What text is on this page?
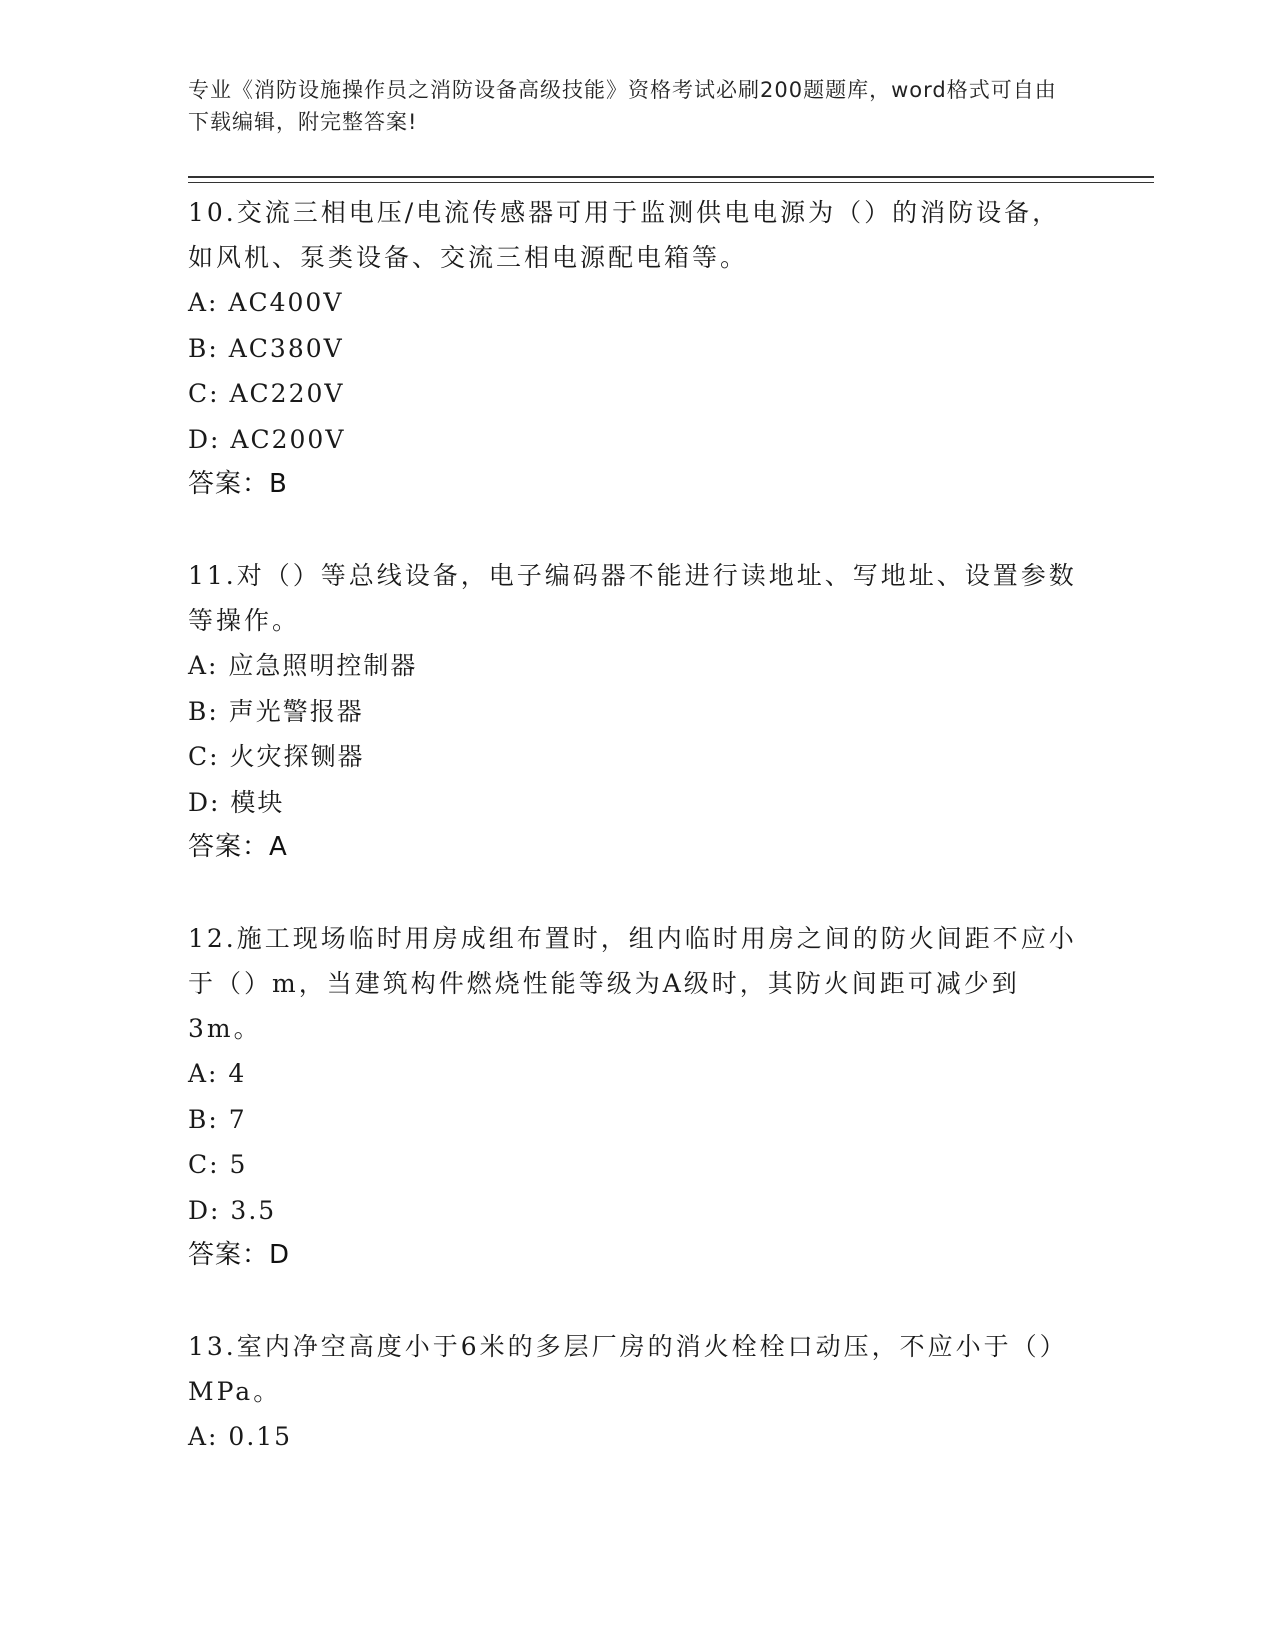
专业《消防设施操作员之消防设备高级技能》资格考试必刷200题题库，word格式可自由下载编辑，附完整答案!

10.交流三相电压/电流传感器可用于监测供电电源为（）的消防设备，如风机、泵类设备、交流三相电源配电箱等。

A: AC400V

B: AC380V

C: AC220V

D: AC200V

答案：B

11.对（）等总线设备，电子编码器不能进行读地址、写地址、设置参数等操作。

A: 应急照明控制器

B: 声光警报器

C: 火灾探铡器

D: 模块

答案：A

12.施工现场临时用房成组布置时，组内临时用房之间的防火间距不应小于（）m，当建筑构件燃烧性能等级为A级时，其防火间距可减少到3m。

A: 4

B: 7

C: 5

D: 3.5

答案：D

13.室内净空高度小于6米的多层厂房的消火栓栓口动压，不应小于（）MPa。

A: 0.15
